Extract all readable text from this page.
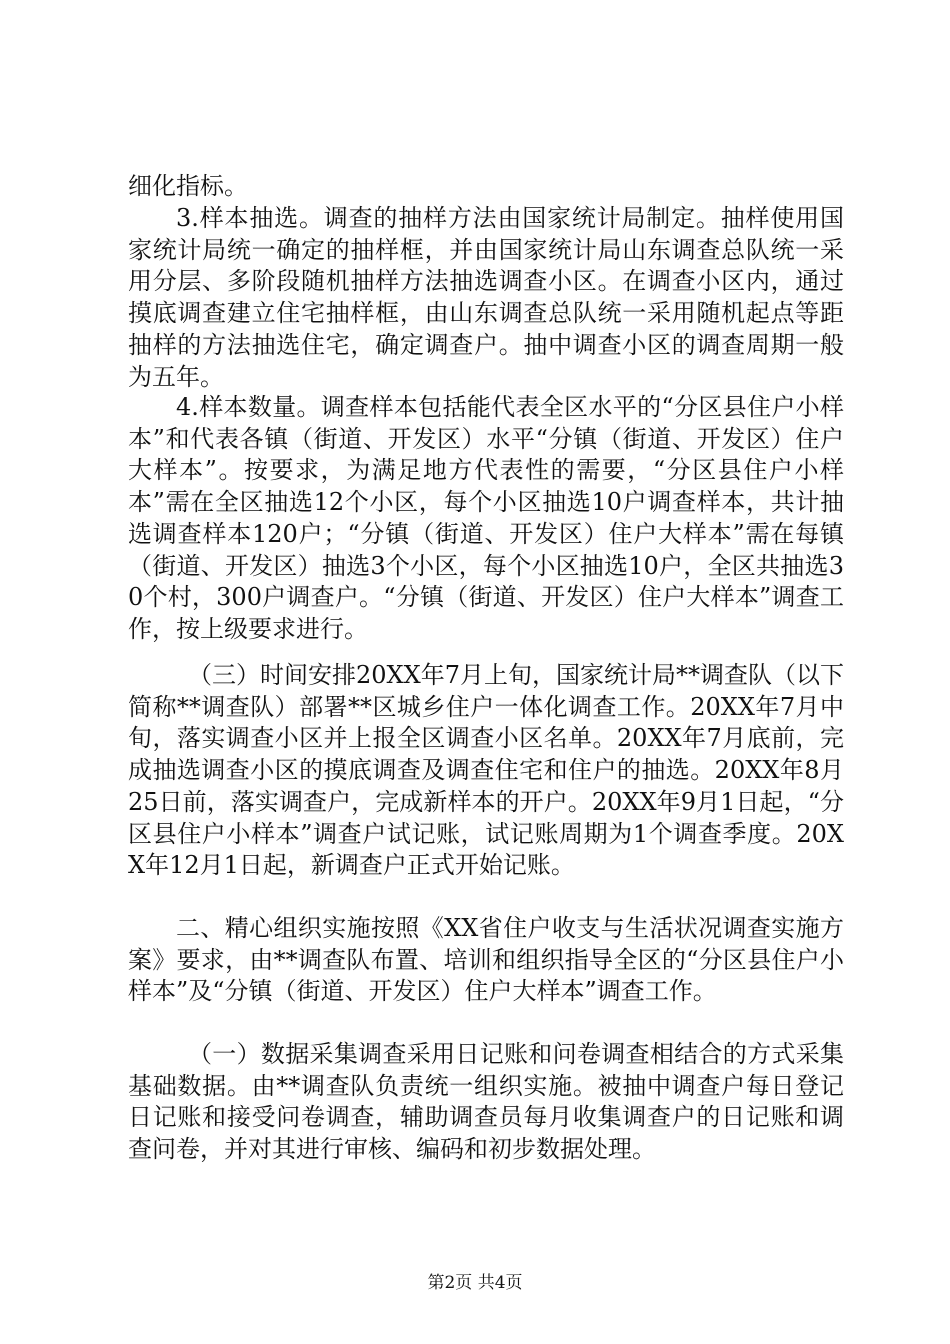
细化指标。

3.样本抽选。调查的抽样方法由国家统计局制定。抽样使用国家统计局统一确定的抽样框，并由国家统计局山东调查总队统一采用分层、多阶段随机抽样方法抽选调查小区。在调查小区内，通过摸底调查建立住宅抽样框，由山东调查总队统一采用随机起点等距抽样的方法抽选住宅，确定调查户。抽中调查小区的调查周期一般为五年。

4.样本数量。调查样本包括能代表全区水平的“分区县住户小样本”和代表各镇（街道、开发区）水平“分镇（街道、开发区）住户大样本”。按要求，为满足地方代表性的需要，“分区县住户小样本”需在全区抽选12个小区，每个小区抽选10户调查样本，共计抽选调查样本120户；“分镇（街道、开发区）住户大样本”需在每镇（街道、开发区）抽选3个小区，每个小区抽选10户，全区共抽选30个村，300户调查户。“分镇（街道、开发区）住户大样本”调查工作，按上级要求进行。

（三）时间安排20XX年7月上旬，国家统计局**调查队（以下简称**调查队）部署**区城乡住户一体化调查工作。20XX年7月中旬，落实调查小区并上报全区调查小区名单。20XX年7月底前，完成抽选调查小区的摸底调查及调查住宅和住户的抽选。20XX年8月25日前，落实调查户，完成新样本的开户。20XX年9月1日起，“分区县住户小样本”调查户试记账，试记账周期为1个调查季度。20XX年12月1日起，新调查户正式开始记账。

二、精心组织实施按照《XX省住户收支与生活状况调查实施方案》要求，由**调查队布置、培训和组织指导全区的“分区县住户小样本”及“分镇（街道、开发区）住户大样本”调查工作。

（一）数据采集调查采用日记账和问卷调查相结合的方式采集基础数据。由**调查队负责统一组织实施。被抽中调查户每日登记日记账和接受问卷调查，辅助调查员每月收集调查户的日记账和调查问卷，并对其进行审核、编码和初步数据处理。

第2页 共4页
